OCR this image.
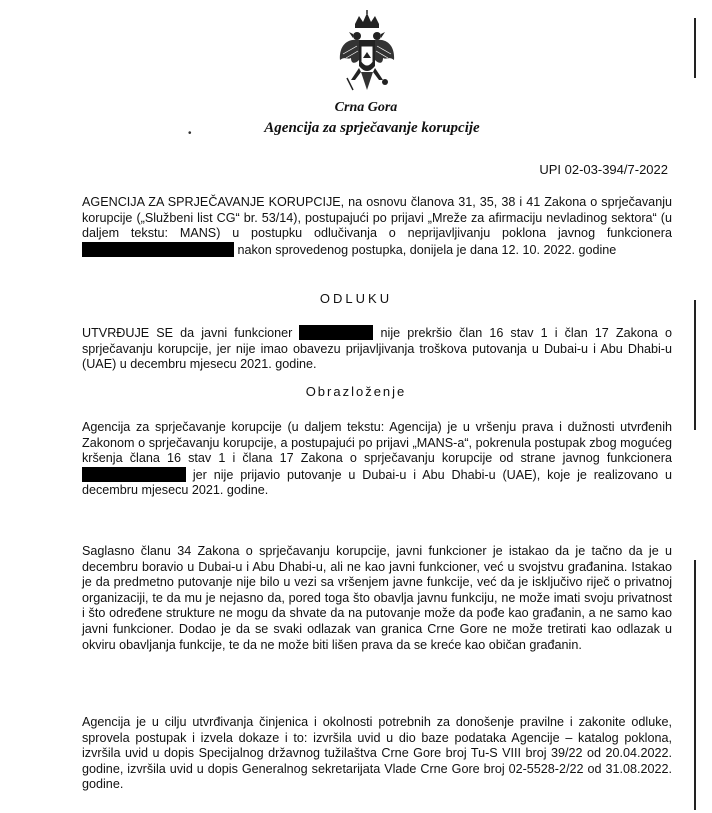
Crna Gora
Agencija za sprječavanje korupcije
•
UPI 02-03-394/7-2022

AGENCIJA ZA SPRJEČAVANJE KORUPCIJE, na osnovu članova 31, 35, 38 i 41 Zakona o sprječavanju korupcije („Službeni list CG“ br. 53/14), postupajući po prijavi „Mreže za afirmaciju nevladinog sektora“ (u daljem tekstu: MANS) u postupku odlučivanja o neprijavljivanju poklona javnog funkcionera  nakon sprovedenog postupka, donijela je dana 12. 10. 2022. godine

ODLUKU

UTVRĐUJE SE da javni funkcioner	nije prekršio član 16 stav 1 i član 17 Zakona o sprječavanju korupcije, jer nije imao obavezu prijavljivanja troškova putovanja u Dubai-u i Abu Dhabi-u (UAE) u decembru mjesecu 2021. godine.

Obrazloženje

Agencija za sprječavanje korupcije (u daljem tekstu: Agencija) je u vršenju prava i dužnosti utvrđenih Zakonom o sprječavanju korupcije, a postupajući po prijavi „MANS-a“, pokrenula postupak zbog mogućeg kršenja člana 16 stav 1 i člana 17 Zakona o sprječavanju korupcije od strane javnog funkcionera  jer nije prijavio putovanje u Dubai-u i Abu Dhabi-u (UAE), koje je realizovano u decembru mjesecu 2021. godine.

Saglasno članu 34 Zakona o sprječavanju korupcije, javni funkcioner je istakao da je tačno da je u decembru boravio u Dubai-u i Abu Dhabi-u, ali ne kao javni funkcioner, već u svojstvu građanina. Istakao je da predmetno putovanje nije bilo u vezi sa vršenjem javne funkcije, već da je isključivo riječ o privatnoj organizaciji, te da mu je nejasno da, pored toga što obavlja javnu funkciju, ne može imati svoju privatnost i što određene strukture ne mogu da shvate da na putovanje može da pođe kao građanin, a ne samo kao javni funkcioner. Dodao je da se svaki odlazak van granica Crne Gore ne može tretirati kao odlazak u okviru obavljanja funkcije, te da ne može biti lišen prava da se kreće kao običan građanin.

Agencija je u cilju utvrđivanja činjenica i okolnosti potrebnih za donošenje pravilne i zakonite odluke, sprovela postupak i izvela dokaze i to: izvršila uvid u dio baze podataka Agencije – katalog poklona, izvršila uvid u dopis Specijalnog državnog tužilaštva Crne Gore broj Tu-S VIII broj 39/22 od 20.04.2022. godine, izvršila uvid u dopis Generalnog sekretarijata Vlade Crne Gore broj 02-5528-2/22 od 31.08.2022. godine.
